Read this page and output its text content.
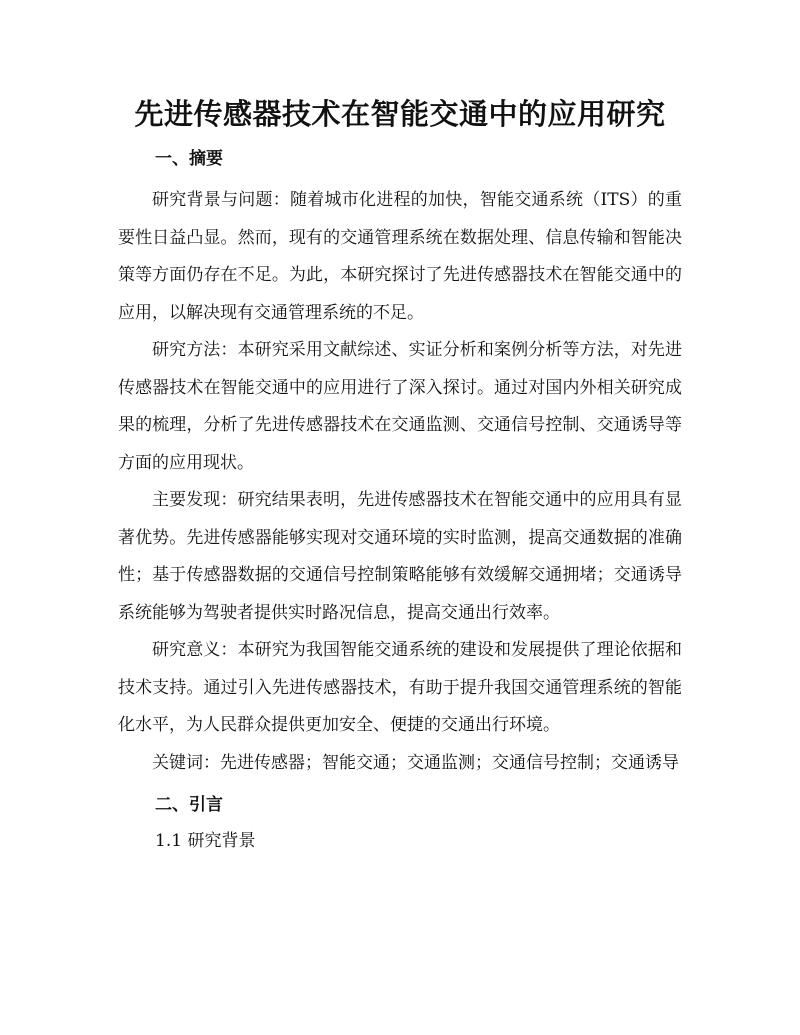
先进传感器技术在智能交通中的应用研究
一、摘要

研究背景与问题：随着城市化进程的加快，智能交通系统（ITS）的重要性日益凸显。然而，现有的交通管理系统在数据处理、信息传输和智能决策等方面仍存在不足。为此，本研究探讨了先进传感器技术在智能交通中的应用，以解决现有交通管理系统的不足。

研究方法：本研究采用文献综述、实证分析和案例分析等方法，对先进传感器技术在智能交通中的应用进行了深入探讨。通过对国内外相关研究成果的梳理，分析了先进传感器技术在交通监测、交通信号控制、交通诱导等方面的应用现状。

主要发现：研究结果表明，先进传感器技术在智能交通中的应用具有显著优势。先进传感器能够实现对交通环境的实时监测，提高交通数据的准确性；基于传感器数据的交通信号控制策略能够有效缓解交通拥堵；交通诱导系统能够为驾驶者提供实时路况信息，提高交通出行效率。

研究意义：本研究为我国智能交通系统的建设和发展提供了理论依据和技术支持。通过引入先进传感器技术，有助于提升我国交通管理系统的智能化水平，为人民群众提供更加安全、便捷的交通出行环境。

关键词：先进传感器；智能交通；交通监测；交通信号控制；交通诱导

二、引言
1.1 研究背景
